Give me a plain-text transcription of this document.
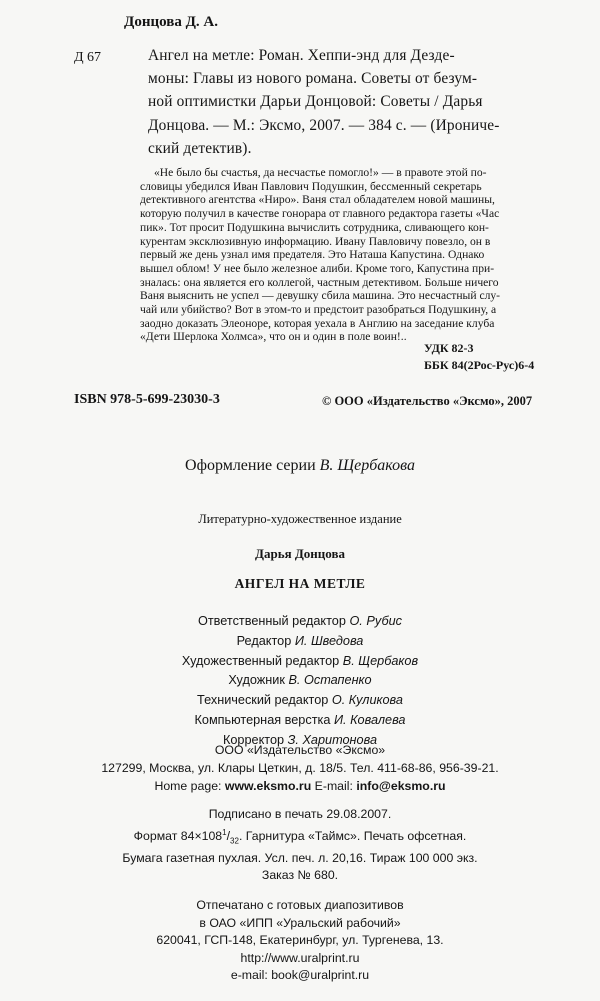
Донцова Д. А.
Д 67	Ангел на метле: Роман. Хеппи-энд для Дезде-
моны: Главы из нового романа. Советы от безум-
ной оптимистки Дарьи Донцовой: Советы / Дарья
Донцова. — М.: Эксмо, 2007. — 384 с. — (Ирониче-
ский детектив).
«Не было бы счастья, да несчастье помогло!» — в правоте этой по-
словицы убедился Иван Павлович Подушкин, бессменный секретарь
детективного агентства «Ниро». Ваня стал обладателем новой машины,
которую получил в качестве гонорара от главного редактора газеты «Час
пик». Тот просит Подушкина вычислить сотрудника, сливающего кон-
курентам эксклюзивную информацию. Ивану Павловичу повезло, он в
первый же день узнал имя предателя. Это Наташа Капустина. Однако
вышел облом! У нее было железное алиби. Кроме того, Капустина при-
зналась: она является его коллегой, частным детективом. Больше ничего
Ваня выяснить не успел — девушку сбила машина. Это несчастный слу-
чай или убийство? Вот в этом-то и предстоит разобраться Подушкину, а
заодно доказать Элеоноре, которая уехала в Англию на заседание клуба
«Дети Шерлока Холмса», что он и один в поле воин!..
УДК 82-3
ББК 84(2Рос-Рус)6-4
ISBN 978-5-699-23030-3	© ООО «Издательство «Эксмо», 2007
Оформление серии В. Щербакова
Литературно-художественное издание
Дарья Донцова
АНГЕЛ НА МЕТЛЕ
Ответственный редактор О. Рубис
Редактор И. Шведова
Художественный редактор В. Щербаков
Художник В. Остапенко
Технический редактор О. Куликова
Компьютерная верстка И. Ковалева
Корректор З. Харитонова
ООО «Издательство «Эксмо»
127299, Москва, ул. Клары Цеткин, д. 18/5. Тел. 411-68-86, 956-39-21.
Home page: www.eksmo.ru E-mail: info@eksmo.ru
Подписано в печать 29.08.2007.
Формат $84\times 108^1/_{32}$. Гарнитура «Таймс». Печать офсетная.
Бумага газетная пухлая. Усл. печ. л. 20,16. Тираж 100 000 экз.
Заказ № 680.
Отпечатано с готовых диапозитивов
в ОАО «ИПП «Уральский рабочий»
620041, ГСП-148, Екатеринбург, ул. Тургенева, 13.
http://www.uralprint.ru
e-mail: book@uralprint.ru
